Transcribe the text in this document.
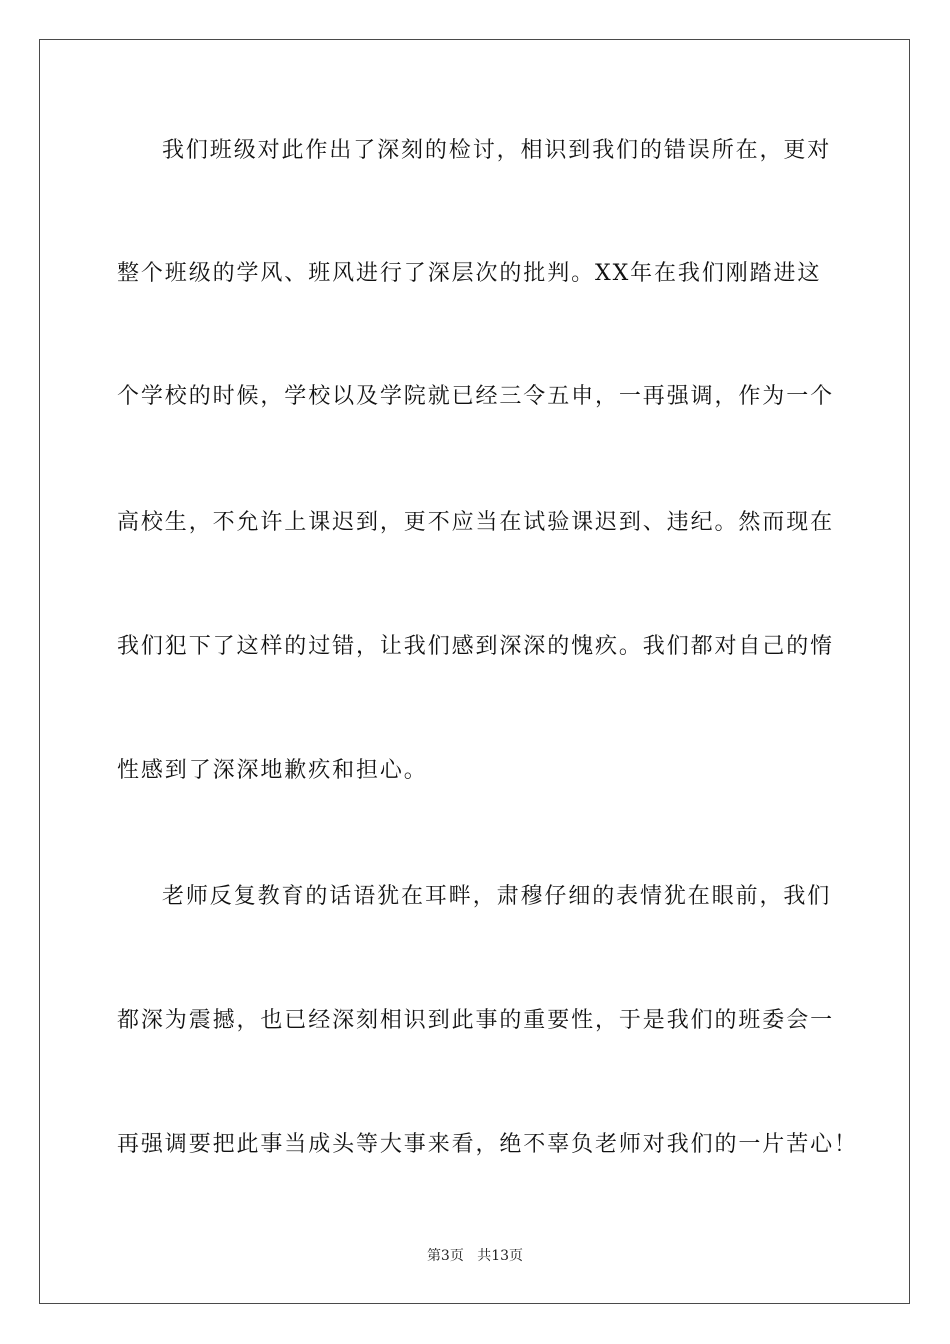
我们班级对此作出了深刻的检讨，相识到我们的错误所在，更对
整个班级的学风、班风进行了深层次的批判。XX年在我们刚踏进这
个学校的时候，学校以及学院就已经三令五申，一再强调，作为一个
高校生，不允许上课迟到，更不应当在试验课迟到、违纪。然而现在
我们犯下了这样的过错，让我们感到深深的愧疚。我们都对自己的惰
性感到了深深地歉疚和担心。
老师反复教育的话语犹在耳畔，肃穆仔细的表情犹在眼前，我们
都深为震撼，也已经深刻相识到此事的重要性，于是我们的班委会一
再强调要把此事当成头等大事来看，绝不辜负老师对我们的一片苦心！
第3页 共13页
